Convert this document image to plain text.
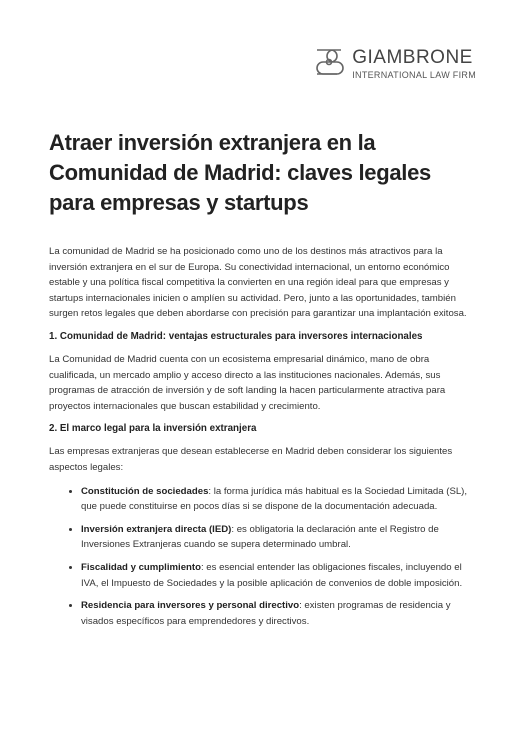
GIAMBRONE
INTERNATIONAL LAW FIRM
Atraer inversión extranjera en la Comunidad de Madrid: claves legales para empresas y startups

La comunidad de Madrid se ha posicionado como uno de los destinos más atractivos para la inversión extranjera en el sur de Europa. Su conectividad internacional, un entorno económico estable y una política fiscal competitiva la convierten en una región ideal para que empresas y startups internacionales inicien o amplíen su actividad. Pero, junto a las oportunidades, también surgen retos legales que deben abordarse con precisión para garantizar una implantación exitosa.

1. Comunidad de Madrid: ventajas estructurales para inversores internacionales

La Comunidad de Madrid cuenta con un ecosistema empresarial dinámico, mano de obra cualificada, un mercado amplio y acceso directo a las instituciones nacionales. Además, sus programas de atracción de inversión y de soft landing la hacen particularmente atractiva para proyectos internacionales que buscan estabilidad y crecimiento.

2. El marco legal para la inversión extranjera

Las empresas extranjeras que desean establecerse en Madrid deben considerar los siguientes aspectos legales:

• Constitución de sociedades: la forma jurídica más habitual es la Sociedad Limitada (SL), que puede constituirse en pocos días si se dispone de la documentación adecuada.
• Inversión extranjera directa (IED): es obligatoria la declaración ante el Registro de Inversiones Extranjeras cuando se supera determinado umbral.
• Fiscalidad y cumplimiento: es esencial entender las obligaciones fiscales, incluyendo el IVA, el Impuesto de Sociedades y la posible aplicación de convenios de doble imposición.
• Residencia para inversores y personal directivo: existen programas de residencia y visados específicos para emprendedores y directivos.
